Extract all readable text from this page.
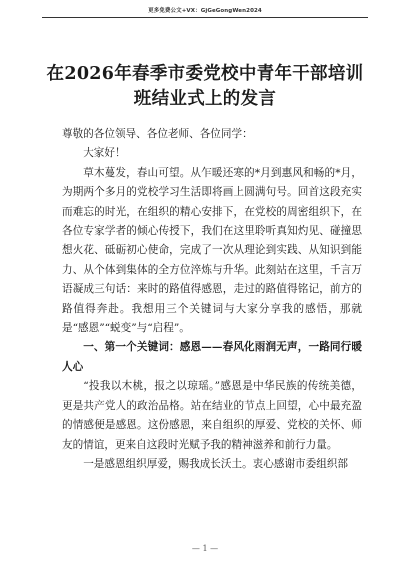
更多免费公文+VX：GjGeGongWen2024
在2026年春季市委党校中青年干部培训
班结业式上的发言

尊敬的各位领导、各位老师、各位同学：

大家好！

草木蔓发，春山可望。从乍暖还寒的*月到惠风和畅的*月，为期两个多月的党校学习生活即将画上圆满句号。回首这段充实而难忘的时光，在组织的精心安排下，在党校的周密组织下，在各位专家学者的倾心传授下，我们在这里聆听真知灼见、碰撞思想火花、砥砺初心使命，完成了一次从理论到实践、从知识到能力、从个体到集体的全方位淬炼与升华。此刻站在这里，千言万语凝成三句话：来时的路值得感恩，走过的路值得铭记，前方的路值得奔赴。我想用三个关键词与大家分享我的感悟，那就是“感恩”“蜕变”与“启程”。

一、第一个关键词：感恩——春风化雨润无声，一路同行暖人心

“投我以木桃，报之以琼瑶。”感恩是中华民族的传统美德，更是共产党人的政治品格。站在结业的节点上回望，心中最充盈的情感便是感恩。这份感恩，来自组织的厚爱、党校的关怀、师友的情谊，更来自这段时光赋予我的精神滋养和前行力量。

一是感恩组织厚爱，赐我成长沃土。衷心感谢市委组织部

— 1 —
